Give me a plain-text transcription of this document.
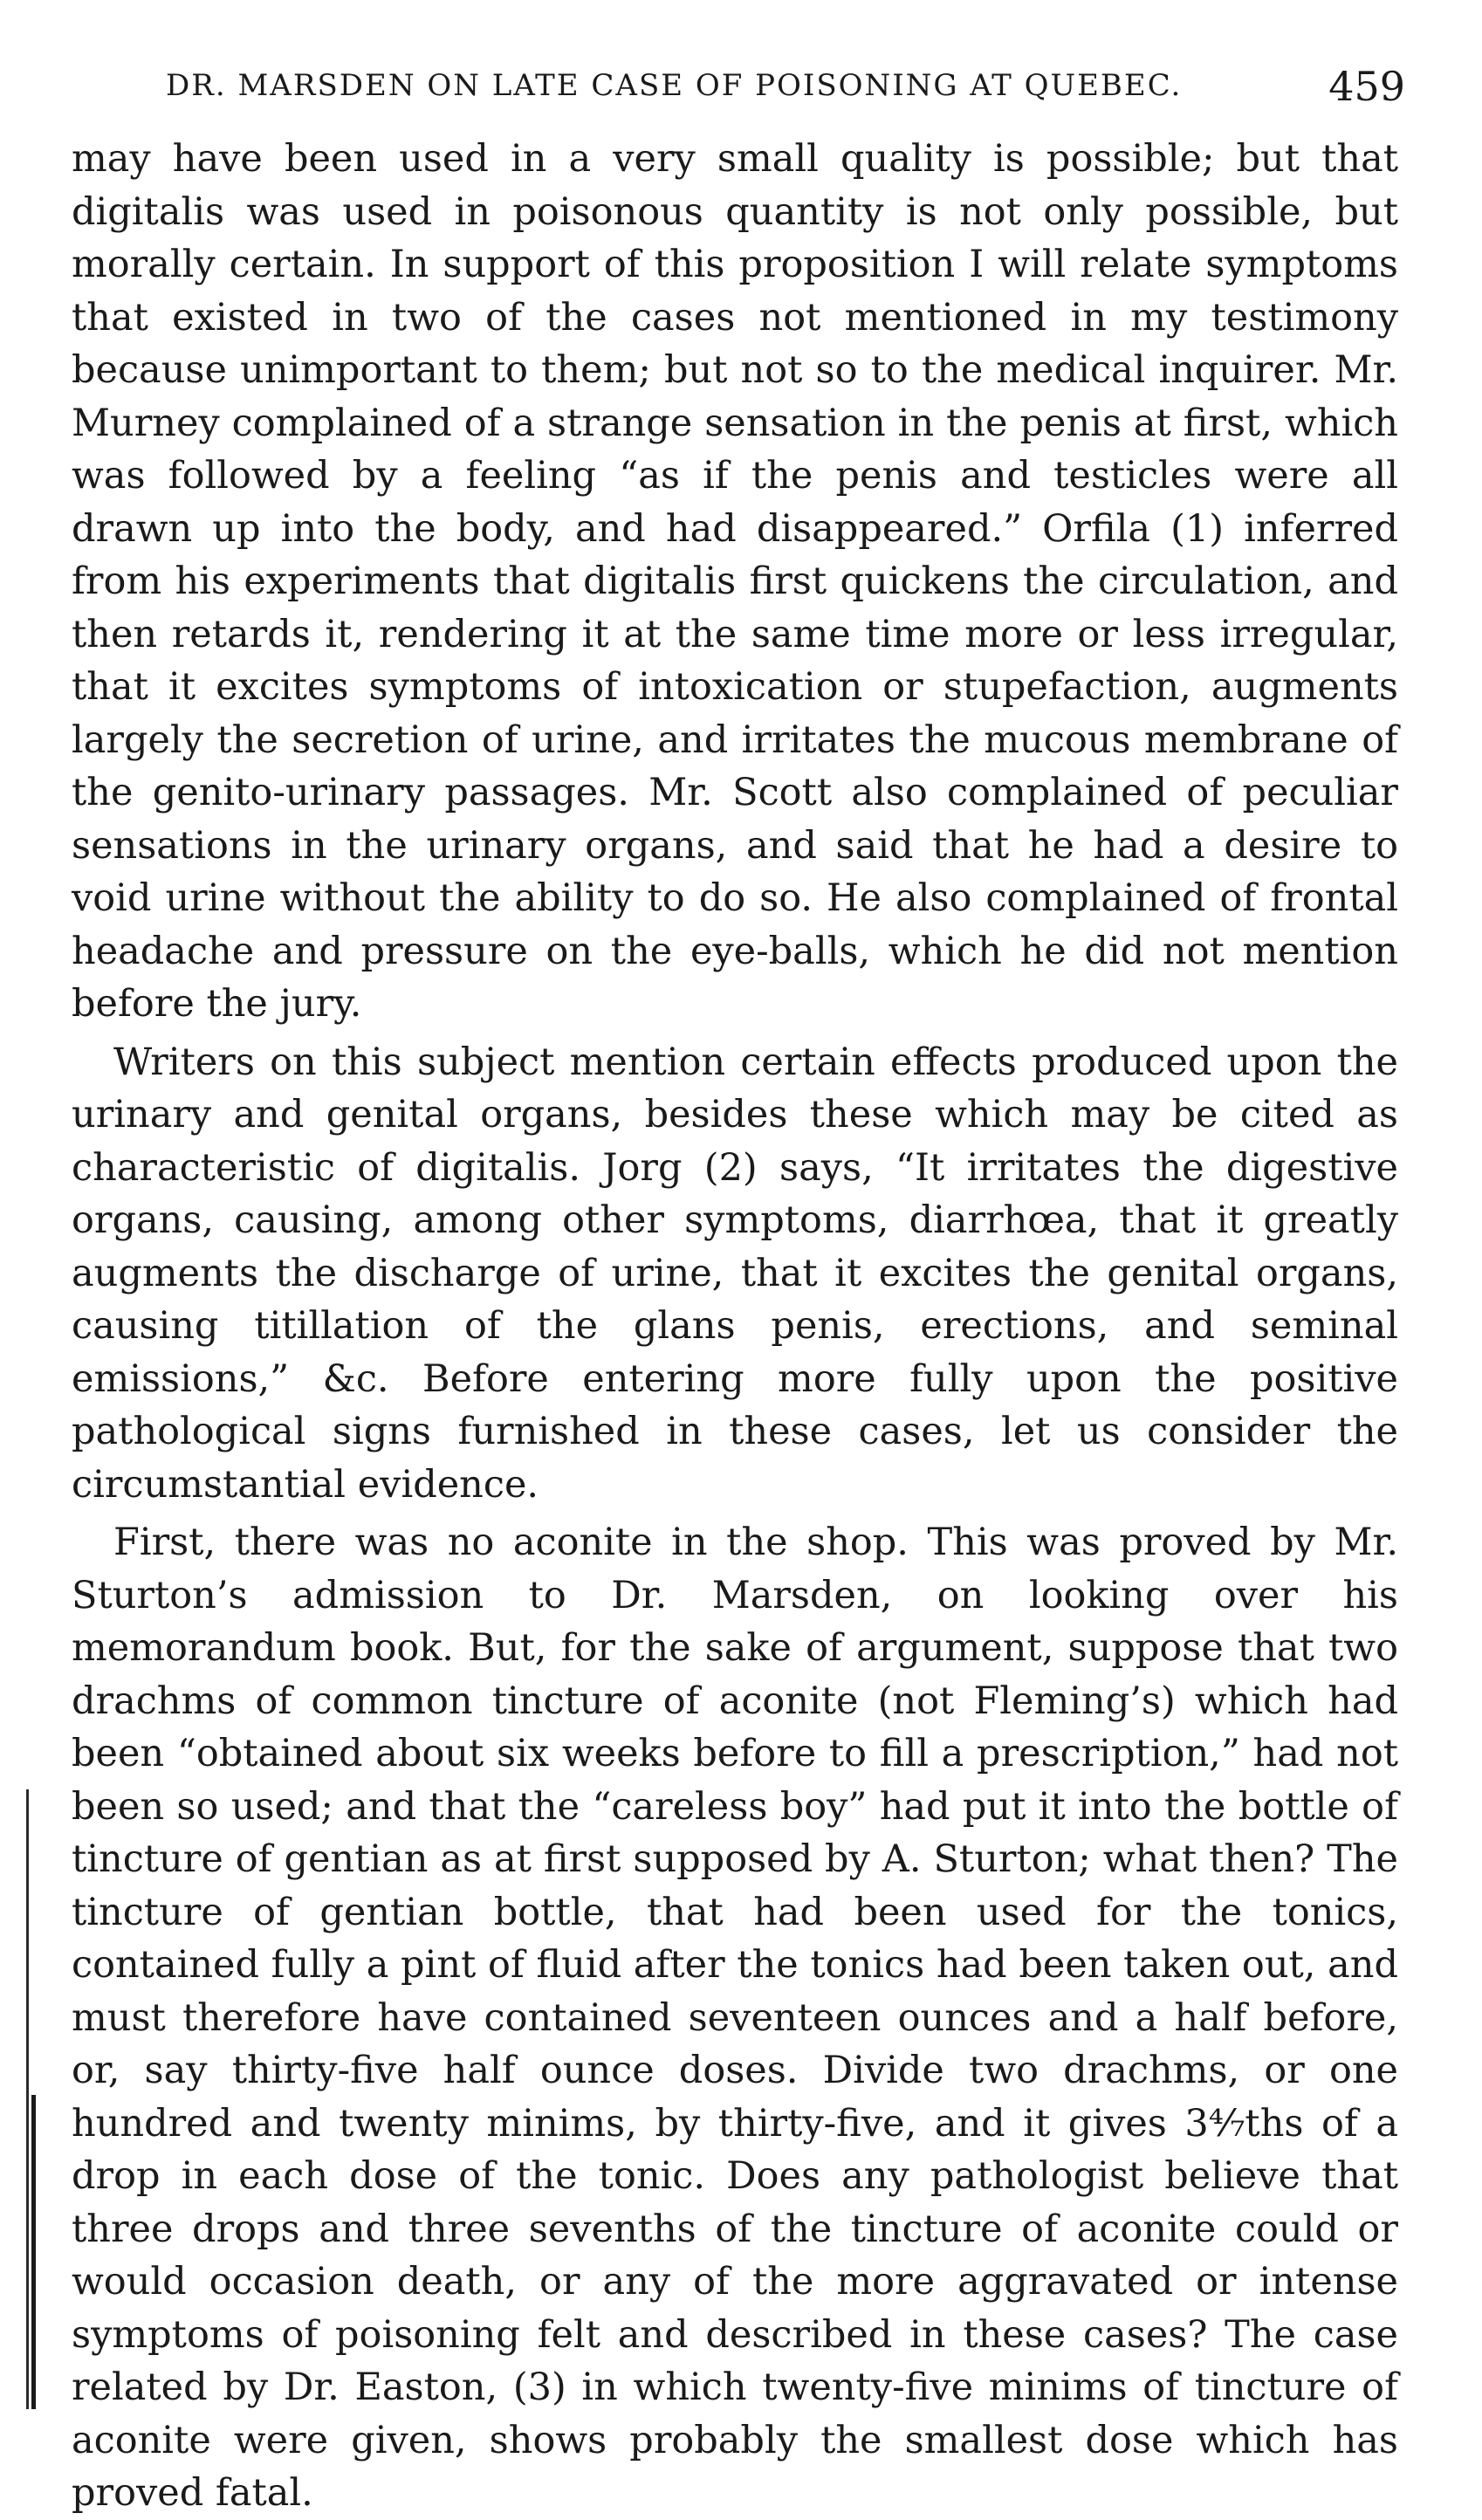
DR. MARSDEN ON LATE CASE OF POISONING AT QUEBEC.	459

may have been used in a very small quality is possible; but that digitalis was used in poisonous quantity is not only possible, but morally certain. In support of this proposition I will relate symptoms that existed in two of the cases not mentioned in my testimony because unimportant to them; but not so to the medical inquirer. Mr. Murney complained of a strange sensation in the penis at first, which was followed by a feeling “as if the penis and testicles were all drawn up into the body, and had disappeared.” Orfila (1) inferred from his experiments that digitalis first quickens the circulation, and then retards it, rendering it at the same time more or less irregular, that it excites symptoms of intoxication or stupefaction, augments largely the secretion of urine, and irritates the mucous membrane of the genito-urinary passages. Mr. Scott also complained of peculiar sensations in the urinary organs, and said that he had a desire to void urine without the ability to do so. He also complained of frontal headache and pressure on the eye-balls, which he did not mention before the jury.

Writers on this subject mention certain effects produced upon the urinary and genital organs, besides these which may be cited as characteristic of digitalis. Jorg (2) says, “It irritates the digestive organs, causing, among other symptoms, diarrhœa, that it greatly augments the discharge of urine, that it excites the genital organs, causing titillation of the glans penis, erections, and seminal emissions,” &c. Before entering more fully upon the positive pathological signs furnished in these cases, let us consider the circumstantial evidence.

First, there was no aconite in the shop. This was proved by Mr. Sturton’s admission to Dr. Marsden, on looking over his memorandum book. But, for the sake of argument, suppose that two drachms of common tincture of aconite (not Fleming’s) which had been “obtained about six weeks before to fill a prescription,” had not been so used; and that the “careless boy” had put it into the bottle of tincture of gentian as at first supposed by A. Sturton; what then? The tincture of gentian bottle, that had been used for the tonics, contained fully a pint of fluid after the tonics had been taken out, and must therefore have contained seventeen ounces and a half before, or, say thirty-five half ounce doses. Divide two drachms, or one hundred and twenty minims, by thirty-five, and it gives 3⁴⁄₇ths of a drop in each dose of the tonic. Does any pathologist believe that three drops and three sevenths of the tincture of aconite could or would occasion death, or any of the more aggravated or intense symptoms of poisoning felt and described in these cases? The case related by Dr. Easton, (3) in which twenty-five minims of tincture of aconite were given, shows probably the smallest dose which has proved fatal.
